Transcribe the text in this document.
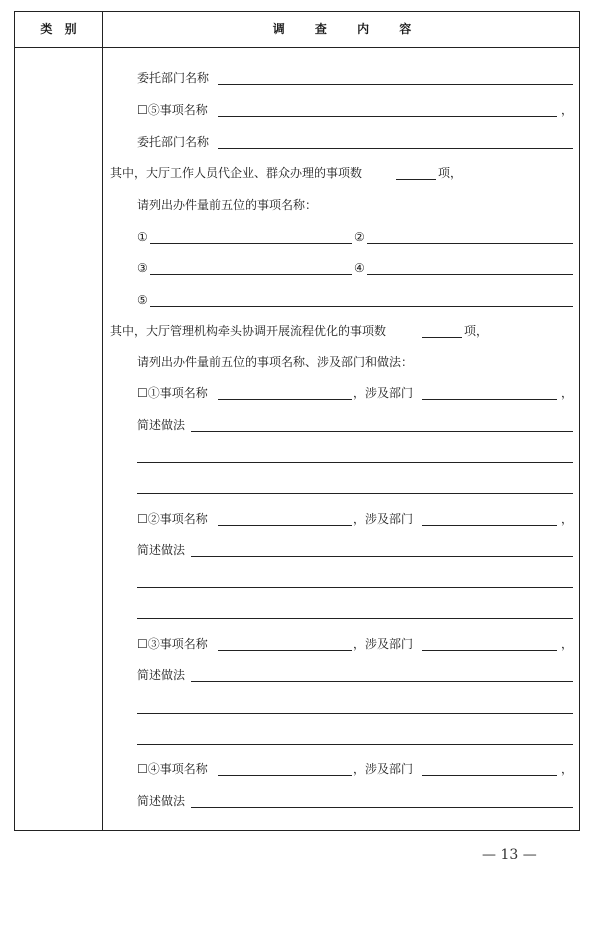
类 别	调 查 内 容
委托部门名称
☐⑤事项名称	，
委托部门名称
其中，大厅工作人员代企业、群众办理的事项数	项，
请列出办件量前五位的事项名称：
①	②
③	④
⑤
其中，大厅管理机构牵头协调开展流程优化的事项数	项，
请列出办件量前五位的事项名称、涉及部门和做法：
☐①事项名称	，涉及部门	，
简述做法
☐②事项名称	，涉及部门	，
简述做法
☐③事项名称	，涉及部门	，
简述做法
☐④事项名称	，涉及部门	，
简述做法
— 13 —
